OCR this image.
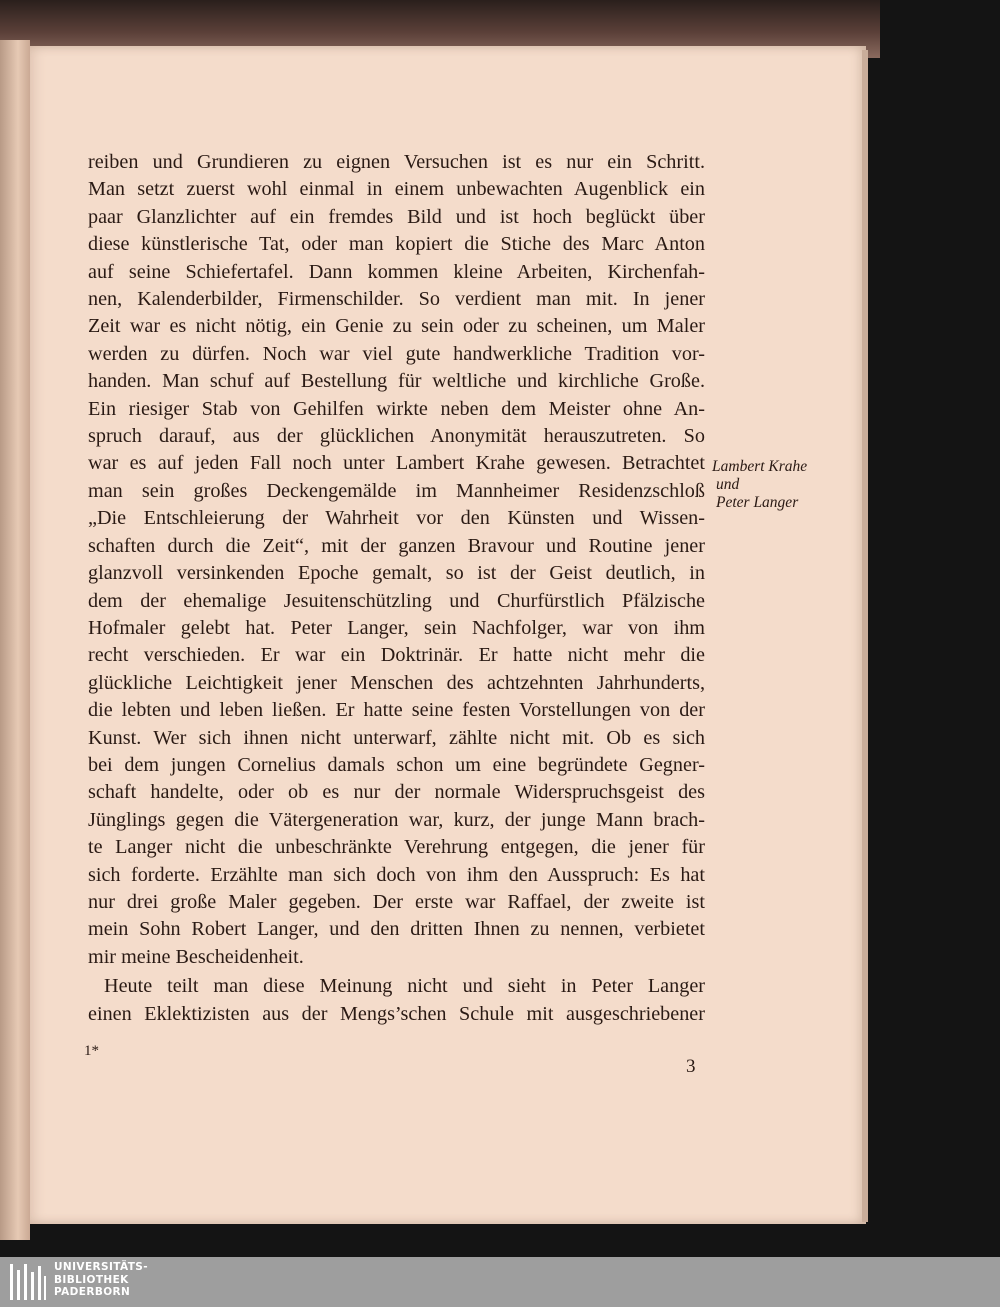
reiben und Grundieren zu eignen Versuchen ist es nur ein Schritt.
Man setzt zuerst wohl einmal in einem unbewachten Augenblick ein
paar Glanzlichter auf ein fremdes Bild und ist hoch beglückt über
diese künstlerische Tat, oder man kopiert die Stiche des Marc Anton
auf seine Schiefertafel. Dann kommen kleine Arbeiten, Kirchenfah-
nen, Kalenderbilder, Firmenschilder. So verdient man mit. In jener
Zeit war es nicht nötig, ein Genie zu sein oder zu scheinen, um Maler
werden zu dürfen. Noch war viel gute handwerkliche Tradition vor-
handen. Man schuf auf Bestellung für weltliche und kirchliche Große.
Ein riesiger Stab von Gehilfen wirkte neben dem Meister ohne An-
spruch darauf, aus der glücklichen Anonymität herauszutreten. So
war es auf jeden Fall noch unter Lambert Krahe gewesen. Betrachtet
man sein großes Deckengemälde im Mannheimer Residenzschloß
„Die Entschleierung der Wahrheit vor den Künsten und Wissen-
schaften durch die Zeit“, mit der ganzen Bravour und Routine jener
glanzvoll versinkenden Epoche gemalt, so ist der Geist deutlich, in
dem der ehemalige Jesuitenschützling und Churfürstlich Pfälzische
Hofmaler gelebt hat. Peter Langer, sein Nachfolger, war von ihm
recht verschieden. Er war ein Doktrinär. Er hatte nicht mehr die
glückliche Leichtigkeit jener Menschen des achtzehnten Jahrhunderts,
die lebten und leben ließen. Er hatte seine festen Vorstellungen von der
Kunst. Wer sich ihnen nicht unterwarf, zählte nicht mit. Ob es sich
bei dem jungen Cornelius damals schon um eine begründete Gegner-
schaft handelte, oder ob es nur der normale Widerspruchsgeist des
Jünglings gegen die Vätergeneration war, kurz, der junge Mann brach-
te Langer nicht die unbeschränkte Verehrung entgegen, die jener für
sich forderte. Erzählte man sich doch von ihm den Ausspruch: Es hat
nur drei große Maler gegeben. Der erste war Raffael, der zweite ist
mein Sohn Robert Langer, und den dritten Ihnen zu nennen, verbietet
mir meine Bescheidenheit.
Heute teilt man diese Meinung nicht und sieht in Peter Langer
einen Eklektizisten aus der Mengs’schen Schule mit ausgeschriebener
Lambert Krahe
und
Peter Langer
1*
3
UNIVERSITÄTS-
BIBLIOTHEK
PADERBORN
